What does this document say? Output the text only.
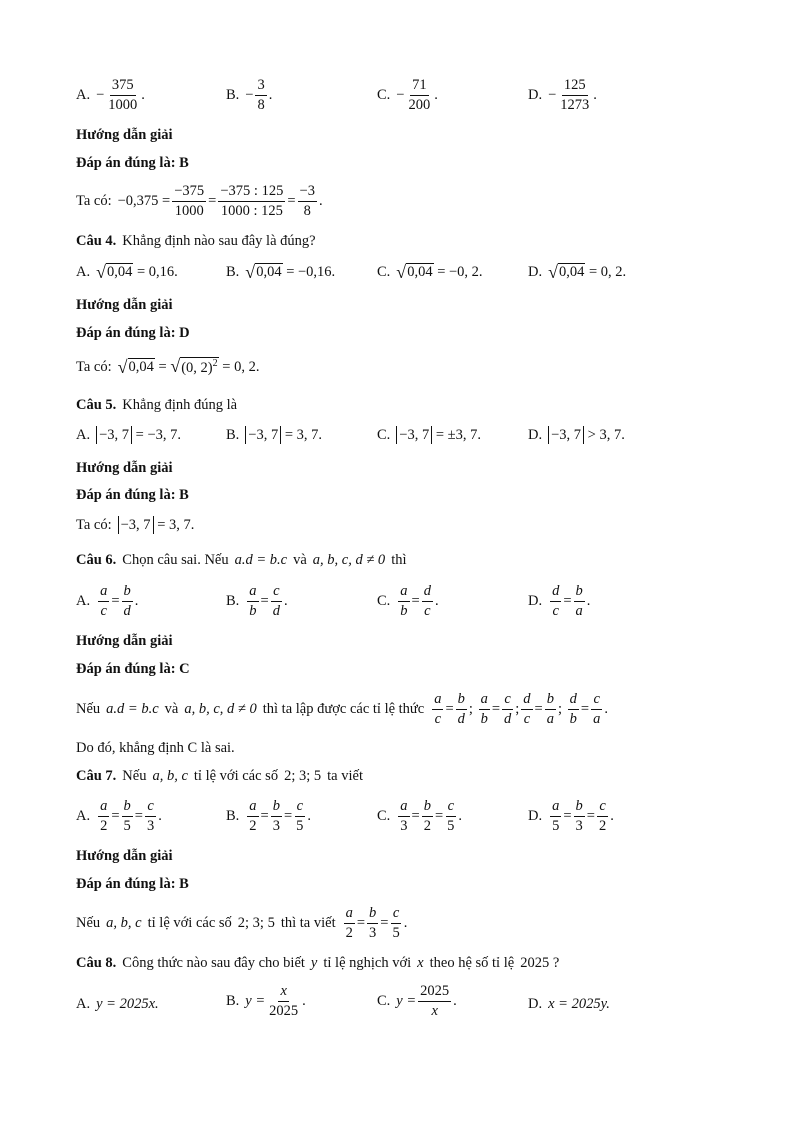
A. − $\frac{375}{1000}$ .	B. − $\frac{3}{8}$ .	C. − $\frac{71}{200}$ .	D. − $\frac{125}{1273}$ .
Hướng dẫn giải
Đáp án đúng là: B
Ta có: $-0,375 = \frac{-375}{1000}$ =
−375 : 125
1000 : 125
=
−3
8
.
Câu 4. Khẳng định nào sau đây là đúng?
A. √ 0,04
= 0,16.	B. √ 0,04
= −0,16.	C. √ 0,04
= −0, 2.	D. √ 0,04
= 0, 2.
Hướng dẫn giải
Đáp án đúng là: D
Ta có: √ 0,04
=
√ (0, 2)$^2$
= 0, 2.
Câu 5. Khẳng định đúng là
A. −3, 7
= −3, 7.	B. −3, 7
= 3, 7.	C. −3, 7
= ±3, 7.	D. −3, 7
> 3, 7.
Hướng dẫn giải
Đáp án đúng là: B
Ta có: −3, 7
= 3, 7.
Câu 6. Chọn câu sai. Nếu a.d = b.c và a, b, c, d ≠ 0 thì
A.
a
c
=
b
d
.	B.
a
b
=
c
d
.	C.
a
b
=
d
c
.	D.
d
c
=
b
a
.
Hướng dẫn giải
Đáp án đúng là: C
Nếu a.d = b.c và a, b, c, d ≠ 0 thì ta lập được các tỉ lệ thức
a
c
=
b
d
;
a
b
=
c
d
;
d
c
=
b
a
;
d
b
=
c
a
.
Do đó, khẳng định C là sai.
Câu 7. Nếu a, b, c tỉ lệ với các số 2; 3; 5 ta viết
A.
a
2
=
b
5
=
c
3
.	B.
a
2
=
b
3
=
c
5
.	C.
a
3
=
b
2
=
c
5
.	D.
a
5
=
b
3
=
c
2
.
Hướng dẫn giải
Đáp án đúng là: B
Nếu a, b, c tỉ lệ với các số 2; 3; 5 thì ta viết
a
2
=
b
3
=
c
5
.
Câu 8. Công thức nào sau đây cho biết y tỉ lệ nghịch với x theo hệ số tỉ lệ 2025 ?
A. y = 2025x.	B. $y = \frac{x}{2025}$ .	C. $y = \frac{2025}{x}$ .	D. x = 2025y.
